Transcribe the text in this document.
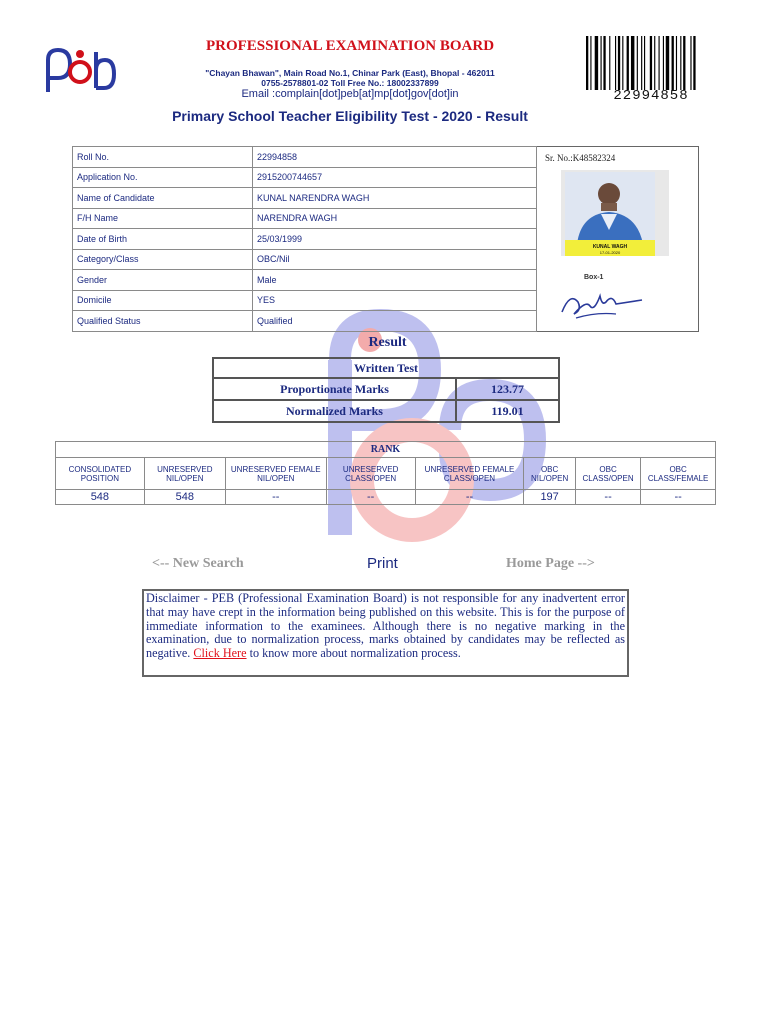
PROFESSIONAL EXAMINATION BOARD
"Chayan Bhawan", Main Road No.1, Chinar Park (East), Bhopal - 462011
0755-2578801-02 Toll Free No.: 18002337899
Email :complain[dot]peb[at]mp[dot]gov[dot]in
Primary School Teacher Eligibility Test - 2020 - Result
22994858
Roll No.	22994858
Application No.	2915200744657
Name of Candidate	KUNAL NARENDRA WAGH
F/H Name	NARENDRA WAGH
Date of Birth	25/03/1999
Category/Class	OBC/Nil
Gender	Male
Domicile	YES
Qualified Status	Qualified
Sr. No.:K48582324
KUNAL WAGH
17-01-2020
Box-1
Result
Written Test	
Proportionate Marks	123.77
Normalized Marks	119.01
RANK							
CONSOLIDATED POSITION	UNRESERVED NIL/OPEN	UNRESERVED FEMALE NIL/OPEN	UNRESERVED CLASS/OPEN	UNRESERVED FEMALE CLASS/OPEN	OBC NIL/OPEN	OBC CLASS/OPEN	OBC CLASS/FEMALE
548	548	--	--	--	197	--	--
<-- New Search	Print	Home Page -->
Disclaimer - PEB (Professional Examination Board) is not responsible for any inadvertent error that may have crept in the information being published on this website. This is for the purpose of immediate information to the examinees. Although there is no negative marking in the examination, due to normalization process, marks obtained by candidates may be reflected as negative. Click Here to know more about normalization process.
